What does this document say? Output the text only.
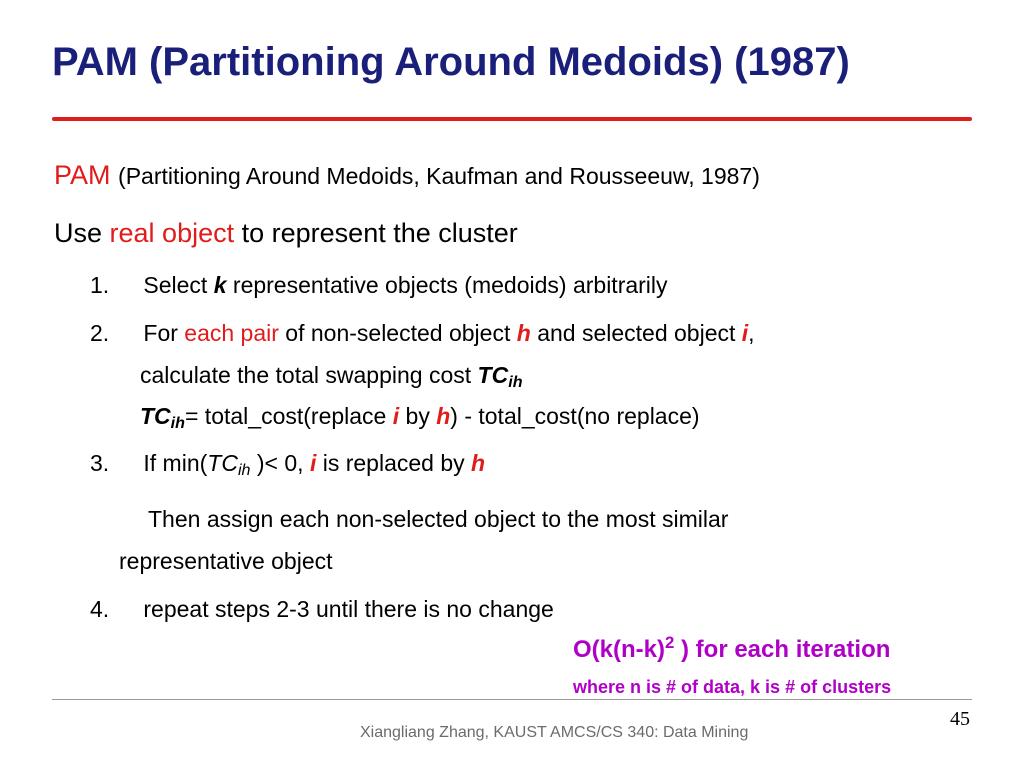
PAM (Partitioning Around Medoids) (1987)
PAM (Partitioning Around Medoids, Kaufman and Rousseeuw, 1987)
Use real object to represent the cluster
1. Select k representative objects (medoids) arbitrarily
2. For each pair of non-selected object h and selected object i,
calculate the total swapping cost $TC_{ih}$
$TC_{ih}=$ total_cost(replace i by h) - total_cost(no replace)
3. If $\min(TC_{ih}$ )< 0, i is replaced by h
Then assign each non-selected object to the most similar
representative object
4. repeat steps 2-3 until there is no change
$O(k(n-k)^2$ ) for each iteration
where n is # of data, k is # of clusters
45
Xiangliang Zhang, KAUST AMCS/CS 340: Data Mining
